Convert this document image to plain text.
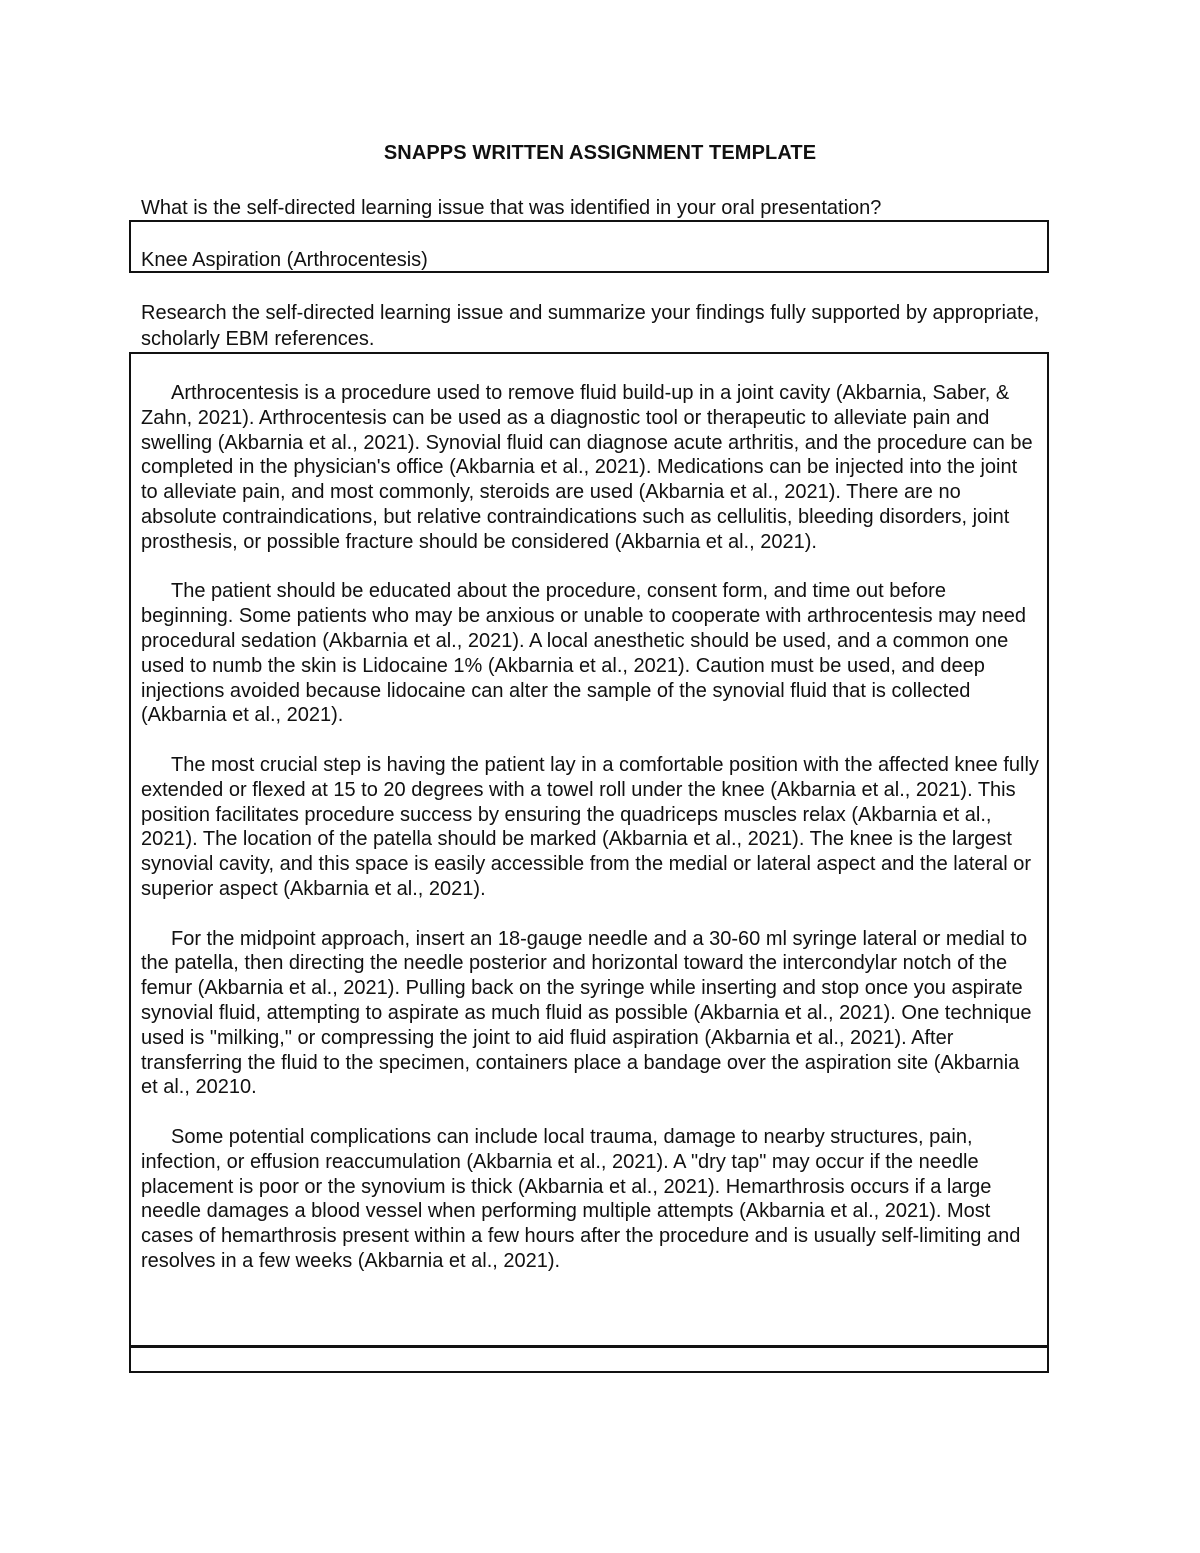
SNAPPS WRITTEN ASSIGNMENT TEMPLATE
What is the self-directed learning issue that was identified in your oral presentation?
Knee Aspiration (Arthrocentesis)
Research the self-directed learning issue and summarize your findings fully supported by appropriate, scholarly EBM references.

Arthrocentesis is a procedure used to remove fluid build-up in a joint cavity (Akbarnia, Saber, & Zahn, 2021). Arthrocentesis can be used as a diagnostic tool or therapeutic to alleviate pain and swelling (Akbarnia et al., 2021). Synovial fluid can diagnose acute arthritis, and the procedure can be completed in the physician's office (Akbarnia et al., 2021). Medications can be injected into the joint to alleviate pain, and most commonly, steroids are used (Akbarnia et al., 2021). There are no absolute contraindications, but relative contraindications such as cellulitis, bleeding disorders, joint prosthesis, or possible fracture should be considered (Akbarnia et al., 2021).

The patient should be educated about the procedure, consent form, and time out before beginning. Some patients who may be anxious or unable to cooperate with arthrocentesis may need procedural sedation (Akbarnia et al., 2021). A local anesthetic should be used, and a common one used to numb the skin is Lidocaine 1% (Akbarnia et al., 2021). Caution must be used, and deep injections avoided because lidocaine can alter the sample of the synovial fluid that is collected (Akbarnia et al., 2021).

The most crucial step is having the patient lay in a comfortable position with the affected knee fully extended or flexed at 15 to 20 degrees with a towel roll under the knee (Akbarnia et al., 2021). This position facilitates procedure success by ensuring the quadriceps muscles relax (Akbarnia et al., 2021). The location of the patella should be marked (Akbarnia et al., 2021). The knee is the largest synovial cavity, and this space is easily accessible from the medial or lateral aspect and the lateral or superior aspect (Akbarnia et al., 2021).

For the midpoint approach, insert an 18-gauge needle and a 30-60 ml syringe lateral or medial to the patella, then directing the needle posterior and horizontal toward the intercondylar notch of the femur (Akbarnia et al., 2021). Pulling back on the syringe while inserting and stop once you aspirate synovial fluid, attempting to aspirate as much fluid as possible (Akbarnia et al., 2021). One technique used is "milking," or compressing the joint to aid fluid aspiration (Akbarnia et al., 2021). After transferring the fluid to the specimen, containers place a bandage over the aspiration site (Akbarnia et al., 20210.

Some potential complications can include local trauma, damage to nearby structures, pain, infection, or effusion reaccumulation (Akbarnia et al., 2021). A "dry tap" may occur if the needle placement is poor or the synovium is thick (Akbarnia et al., 2021). Hemarthrosis occurs if a large needle damages a blood vessel when performing multiple attempts (Akbarnia et al., 2021). Most cases of hemarthrosis present within a few hours after the procedure and is usually self-limiting and resolves in a few weeks (Akbarnia et al., 2021).
